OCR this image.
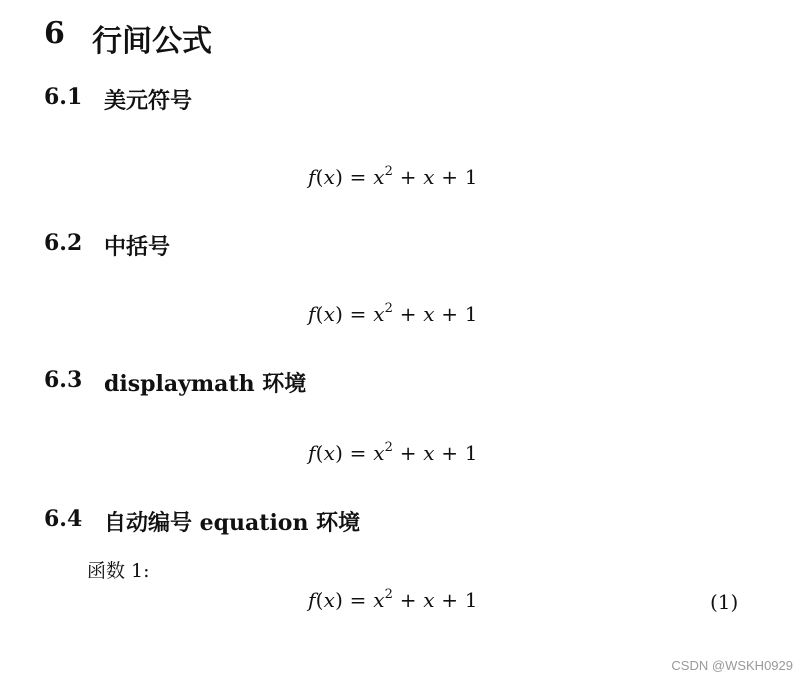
6 行间公式
6.1 美元符号
$f(x) = x^2 + x + 1$
6.2 中括号
$f(x) = x^2 + x + 1$
6.3 displaymath 环境
$f(x) = x^2 + x + 1$
6.4 自动编号 equation 环境
函数 1:
$f(x) = x^2 + x + 1$	(1)
CSDN @WSKH0929
